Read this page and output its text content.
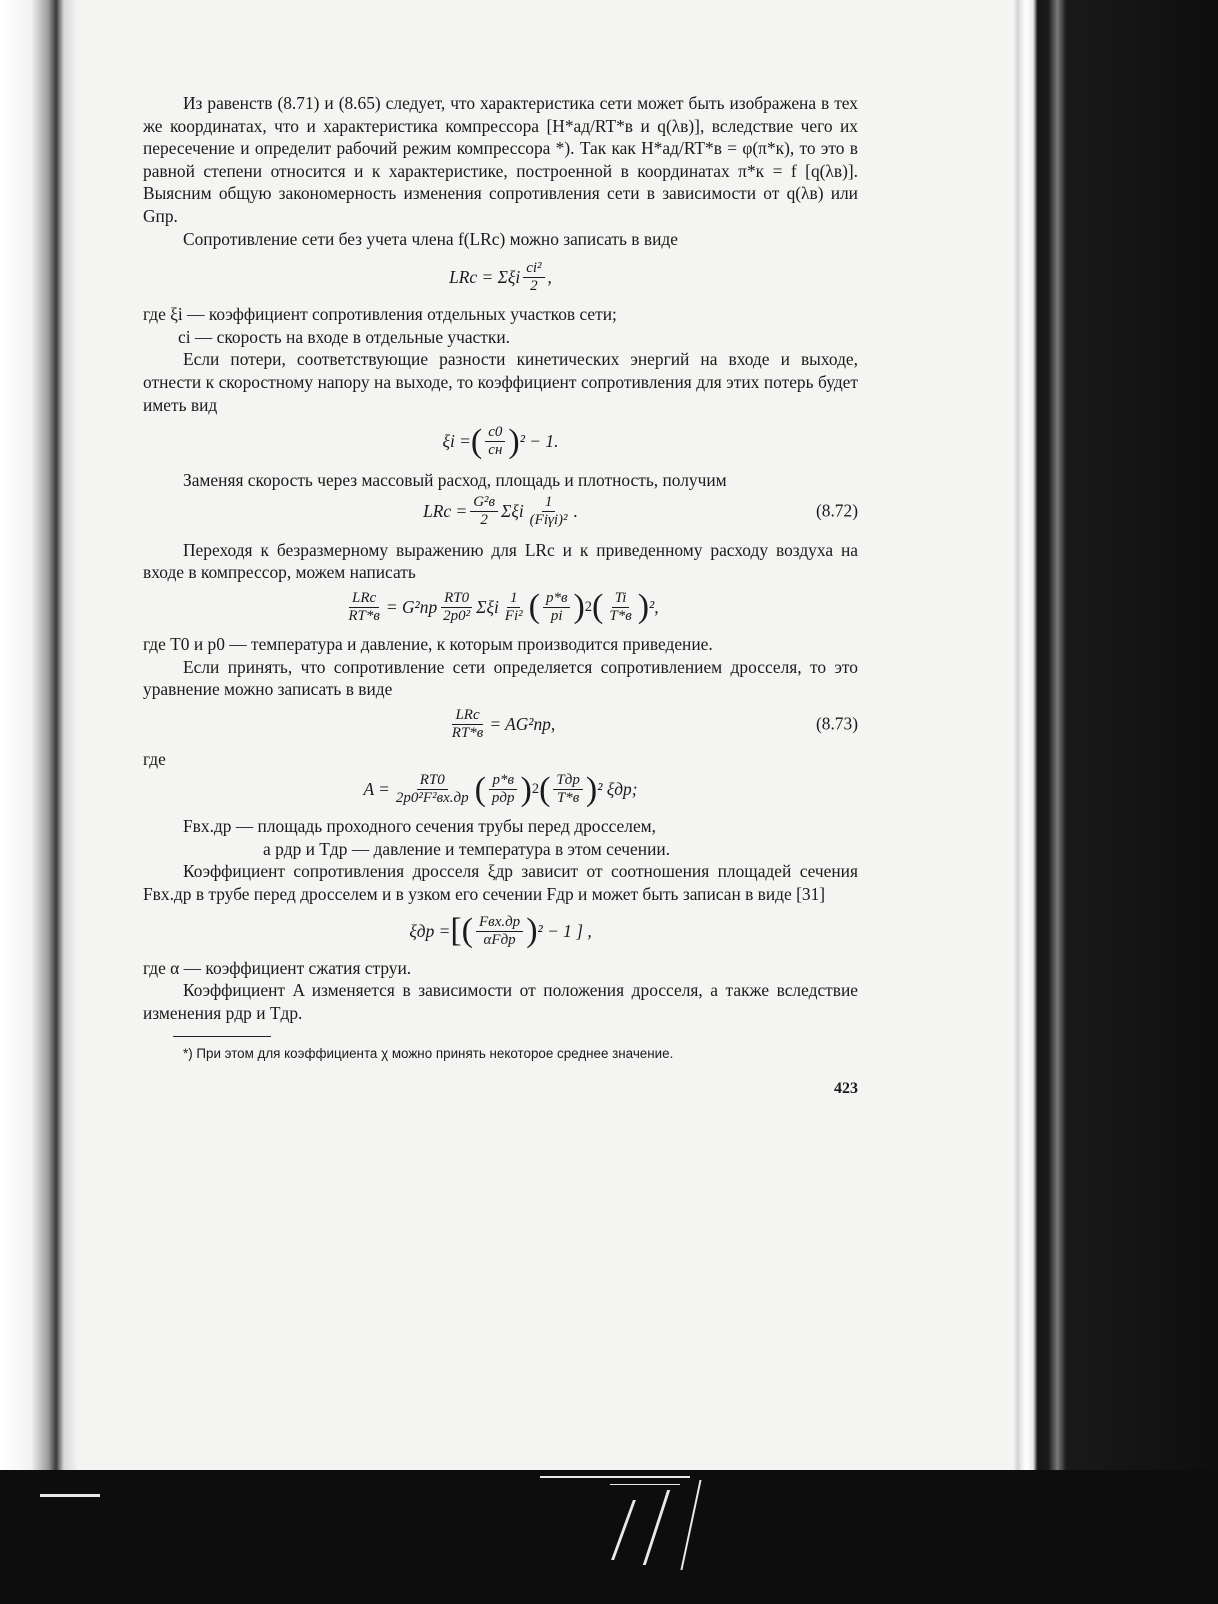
Из равенств (8.71) и (8.65) следует, что характеристика сети может быть изображена в тех же координатах, что и характеристика компрессора [H*ад/RT*в и q(λв)], вследствие чего их пересечение и определит рабочий режим компрессора *). Так как H*ад/RT*в = φ(π*к), то это в равной степени относится и к характеристике, построенной в координатах π*к = f [q(λв)]. Выясним общую закономерность изменения сопротивления сети в зависимости от q(λв) или Gпр.

Сопротивление сети без учета члена f(LRc) можно записать в виде

LRc = Σξi $\frac{\text{ci²}}{2}$ ,

где ξi — коэффициент сопротивления отдельных участков сети;

ci — скорость на входе в отдельные участки.

Если потери, соответствующие разности кинетических энергий на входе и выходе, отнести к скоростному напору на выходе, то коэффициент сопротивления для этих потерь будет иметь вид

ξi = ( $\frac{c0}{cн}$ ) ² − 1.

Заменяя скорость через массовый расход, площадь и плотность, получим

LRc = $\frac{\text{G²в}}{2}$ Σξi $\frac{1}{\text{(Fiγi)²}}$ .	(8.72)

Переходя к безразмерному выражению для LRc и к приведенному расходу воздуха на входе в компрессор, можем написать

$\frac{\text{LRc}}{RT*в} = G^2пр \frac{RT0}{\text{2p0²}}$ Σξi $\frac{1}{\text{Fi²}}$ ( $\frac{p*в}{pi}$ ) 2 ( $\frac{Ti}{T*в}$ ) ²,

где T0 и p0 — температура и давление, к которым производится приведение.

Если принять, что сопротивление сети определяется сопротивлением дросселя, то это уравнение можно записать в виде

$\frac{\text{LRc}}{RT*в} = AG^2пр$,	(8.73)

где

$A = \frac{RT0}{\text{2p0²F²вх.др}}$ ( $\frac{p*в}{\text{pдр}}$ ) 2 ( $\frac{\text{Tдр}}{T*в}$ ) ² ξдр;

Fвх.др — площадь проходного сечения трубы перед дросселем,

a pдр и Tдр — давление и температура в этом сечении.

Коэффициент сопротивления дросселя ξдр зависит от соотношения площадей сечения Fвх.др в трубе перед дросселем и в узком его сечении Fдр и может быть записан в виде [31]

ξдр = [( $\frac{\text{Fвх.др}}{\text{αFдр}}$ ) ² − 1 ] ,

где α — коэффициент сжатия струи.

Коэффициент A изменяется в зависимости от положения дросселя, а также вследствие изменения pдр и Tдр.

*) При этом для коэффициента χ можно принять некоторое среднее значение.

423
